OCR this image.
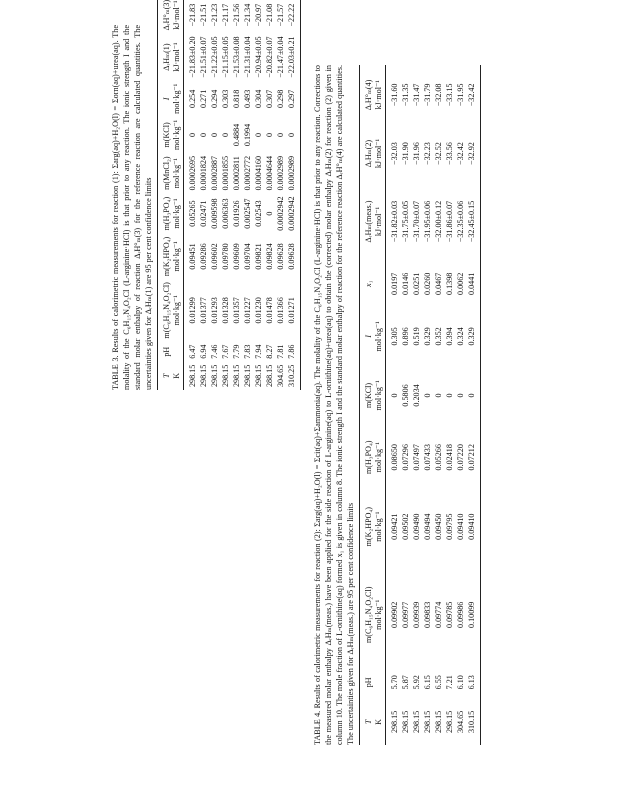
TABLE 3. Results of calorimetric measurements for reaction (1): Σarg(aq)+H₂O(l) = Σorn(aq)+urea(aq). The molality of the C₆H₁₅N₄O₂Cl (L-arginine·HCl) is that prior to any reaction. The ionic strength I and the standard molar enthalpy of reaction ΔᵣH°ₘ(3) for the reference reaction are calculated quantities. The uncertainties given for ΔᵣHₘ(1) are 95 per cent confidence limits T	pH	m(C₆H₁₅N₄O₂Cl)	m(K₂HPO₄)	m(H₃PO₄)	m(MnCl₂)	m(KCl)	I	ΔᵣHₘ(1)	ΔᵣH°ₘ(3)
K		mol·kg⁻¹	mol·kg⁻¹	mol·kg⁻¹	mol·kg⁻¹	mol·kg⁻¹	mol·kg⁻¹	kJ·mol⁻¹	kJ·mol⁻¹
298.15	6.47	0.01299	0.09451	0.05265	0.0002695	0	0.254	−21.83±0.20	−21.83
298.15	6.94	0.01377	0.09286	0.02471	0.0001824	0	0.271	−21.51±0.07	−21.51
298.15	7.46	0.01293	0.09602	0.009598	0.0002887	0	0.294	−21.22±0.05	−21.23
298.15	7.67	0.01328	0.09780	0.006363	0.0001855	0	0.303	−21.15±0.05	−21.17
298.15	7.79	0.01357	0.09609	0.01926	0.0002811	0.4884	0.818	−21.53±0.08	−21.56
298.15	7.83	0.01227	0.09704	0.002547	0.0002772	0.1994	0.493	−21.31±0.04	−21.34
298.15	7.94	0.01230	0.09821	0.02543	0.0004160	0	0.304	−20.94±0.05	−20.97
288.15	8.27	0.01478	0.09824	0	0.0004644	0	0.307	−20.82±0.07	−21.08
304.65	7.81	0.01366	0.09628	0.0002942	0.0002989	0	0.298	−21.47±0.04	−21.57
310.25	7.86	0.01271	0.09628	0.0002942	0.0002989	0	0.297	−22.03±0.21	−22.22
TABLE 4. Results of calorimetric measurements for reaction (2): Σarg(aq)+H₂O(l) = Σcit(aq)+Σammonia(aq). The molality of the C₆H₁₅N₄O₂Cl (L-arginine·HCl) is that prior to any reaction. Corrections to the measured molar enthalpy ΔᵣHₘ(meas.) have been applied for the side reaction of L-arginine(aq) to L-ornithine(aq)+urea(aq) to obtain the (corrected) molar enthalpy ΔᵣHₘ(2) for reaction (2) given in column 10. The mole fraction of L-ornithine(aq) formed x₁ is given in column 8. The ionic strength I and the standard molar enthalpy of reaction for the reference reaction ΔᵣH°ₘ(4) are calculated quantities. The uncertainties given for ΔᵣHₘ(meas.) are 95 per cent confidence limits T	pH	m(C₆H₁₅N₄O₂Cl)	m(K₂HPO₄)	m(H₃PO₄)	m(KCl)	I	x₁	ΔᵣHₘ(meas.)	ΔᵣHₘ(2)	ΔᵣH°ₘ(4)
K		mol·kg⁻¹	mol·kg⁻¹	mol·kg⁻¹	mol·kg⁻¹	mol·kg⁻¹		kJ·mol⁻¹	kJ·mol⁻¹	kJ·mol⁻¹
298.15	5.70	0.09902	0.09421	0.08650	0	0.305	0.0197	−31.82±0.03	−32.03	−31.60
298.15	5.87	0.09977	0.09502	0.07296	0.5806	0.896	0.0146	−31.75±0.05	−31.90	−31.35
298.15	5.92	0.09939	0.09490	0.07497	0.2034	0.519	0.0251	−31.70±0.07	−31.96	−31.47
298.15	6.15	0.09833	0.09494	0.07433	0	0.329	0.0260	−31.95±0.06	−32.23	−31.79
298.15	6.55	0.09774	0.09450	0.05266	0	0.352	0.0467	−32.00±0.12	−32.52	−32.08
298.15	7.21	0.09785	0.09795	0.02418	0	0.394	0.1398	−31.86±0.07	−33.56	−33.15
304.65	6.10	0.09986	0.09410	0.07220	0	0.324	0.0062	−32.35±0.06	−32.42	−31.95
310.15	6.13	0.10099	0.09410	0.07212	0	0.329	0.0441	−32.45±0.15	−32.92	−32.42
